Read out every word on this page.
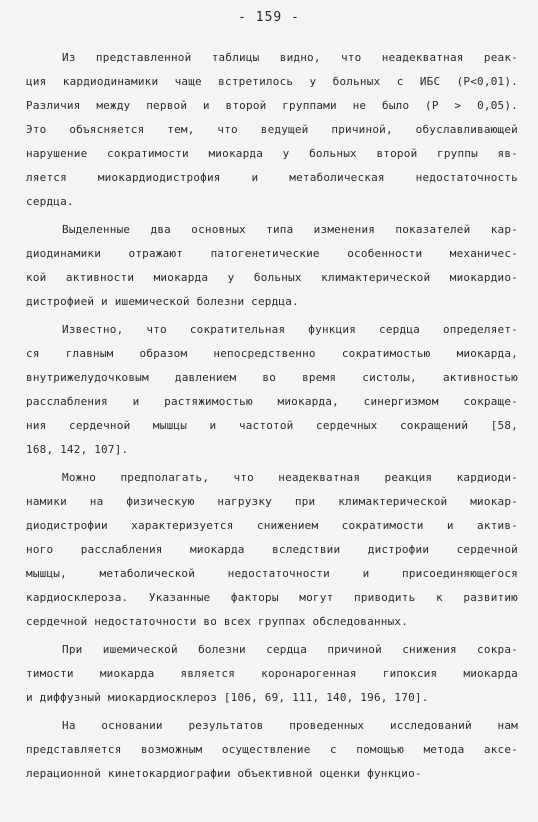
- 159 -
Из представленной таблицы видно, что неадекватная реак-
ция кардиодинамики чаще встретилось у больных с ИБС (P<0,01).
Различия между первой и второй группами не было (P > 0,05).
Это объясняется тем, что ведущей причиной, обуславливающей
нарушение сократимости миокарда у больных второй группы яв-
ляется миокардиодистрофия и метаболическая недостаточность
сердца.
Выделенные два основных типа изменения показателей кар-
диодинамики отражают патогенетические особенности механичес-
кой активности миокарда у больных климактерической миокардио-
дистрофией и ишемической болезни сердца.
Известно, что сократительная функция сердца определяет-
ся главным образом непосредственно сократимостью миокарда,
внутрижелудочковым давлением во время систолы, активностью
расслабления и растяжимостью миокарда, синергизмом сокраще-
ния сердечной мышцы и частотой сердечных сокращений [58,
168, 142, 107].
Можно предполагать, что неадекватная реакция кардиоди-
намики на физическую нагрузку при климактерической миокар-
диодистрофии характеризуется снижением сократимости и актив-
ного расслабления миокарда вследствии дистрофии сердечной
мышцы, метаболической недостаточности и присоединяющегося
кардиосклероза. Указанные факторы могут приводить к развитию
сердечной недостаточности во всех группах обследованных.
При ишемической болезни сердца причиной снижения сокра-
тимости миокарда является коронарогенная гипоксия миокарда
и диффузный миокардиосклероз [106, 69, 111, 140, 196, 170].
На основании результатов проведенных исследований нам
представляется возможным осуществление с помощью метода аксе-
лерационной кинетокардиографии объективной оценки функцио-
